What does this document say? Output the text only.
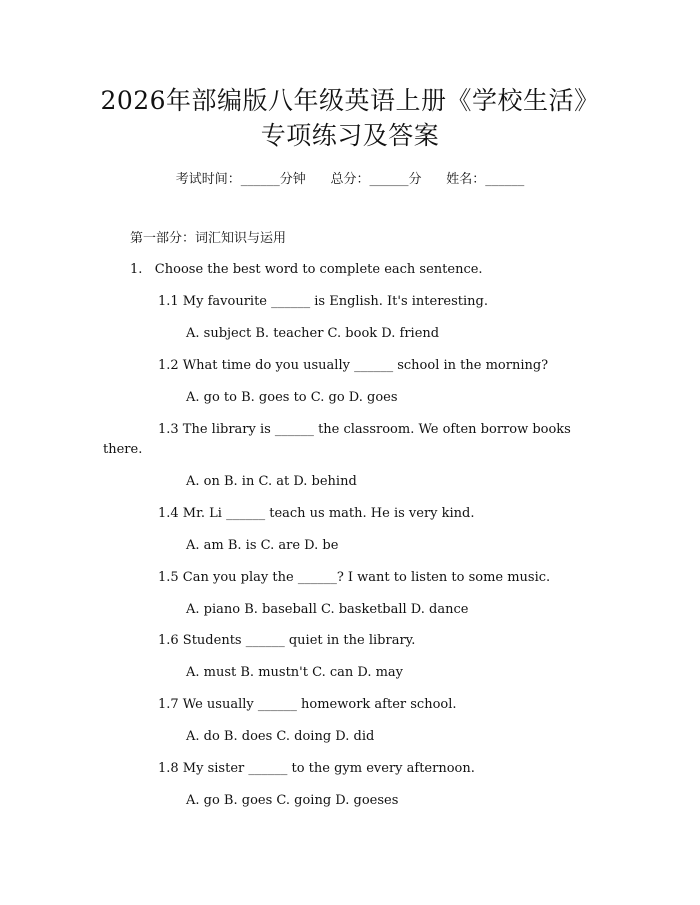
2026年部编版八年级英语上册《学校生活》
专项练习及答案
考试时间：______分钟      总分：______分      姓名：______
第一部分：词汇知识与运用
1.   Choose the best word to complete each sentence.
1.1 My favourite ______ is English. It's interesting.
A. subject B. teacher C. book D. friend
1.2 What time do you usually ______ school in the morning?
A. go to B. goes to C. go D. goes
1.3 The library is ______ the classroom. We often borrow books
there.
A. on B. in C. at D. behind
1.4 Mr. Li ______ teach us math. He is very kind.
A. am B. is C. are D. be
1.5 Can you play the ______? I want to listen to some music.
A. piano B. baseball C. basketball D. dance
1.6 Students ______ quiet in the library.
A. must B. mustn't C. can D. may
1.7 We usually ______ homework after school.
A. do B. does C. doing D. did
1.8 My sister ______ to the gym every afternoon.
A. go B. goes C. going D. goeses
